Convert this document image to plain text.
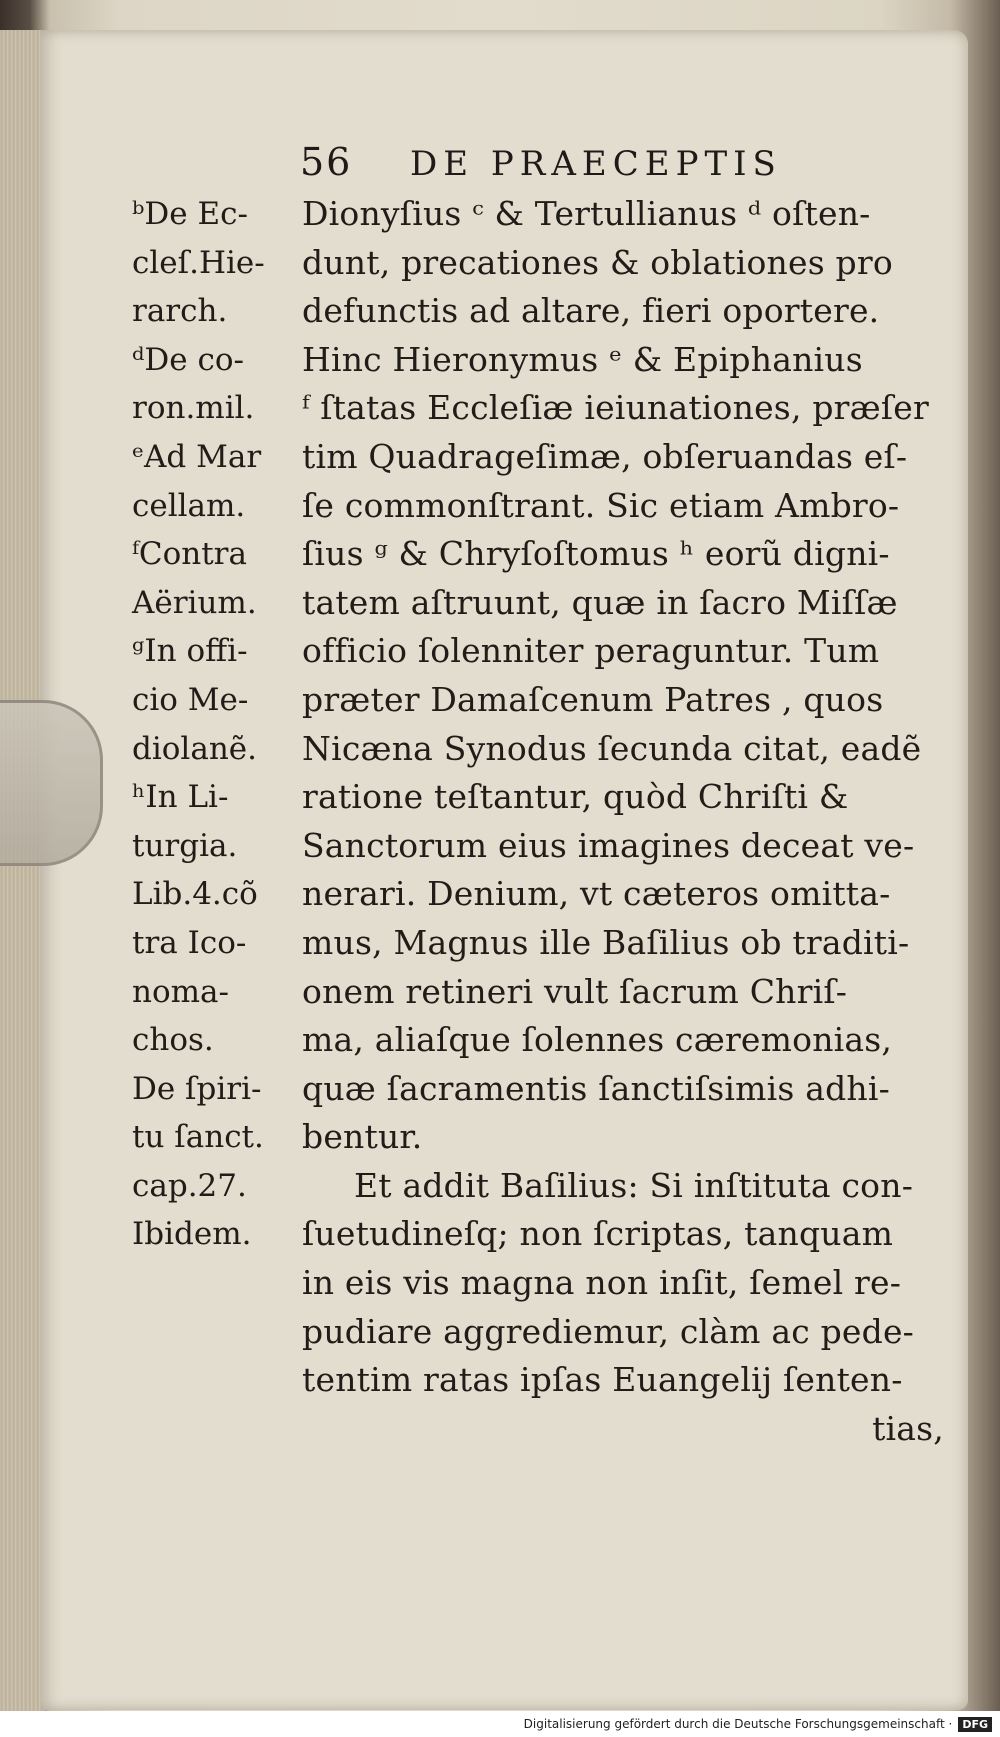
56	DE PRAECEPTIS
ᵇDe Ec-
cleſ.Hie-
rarch.
ᵈDe co-
ron.mil.
ᵉAd Mar
cellam.
ᶠContra
Aërium.
ᵍIn offi-
cio Me-
diolanẽ.
ʰIn Li-
turgia.
Lib.4.cõ
tra Ico-
noma-
chos.
De ſpiri-
tu ſanct.
cap.27.
Ibidem.
Dionyſius ᶜ & Tertullianus ᵈ oſten-
dunt, precationes & oblationes pro
defunctis ad altare, fieri oportere.
Hinc Hieronymus ᵉ & Epiphanius
ᶠ ſtatas Eccleſiæ ieiunationes, præſer
tim Quadrageſimæ, obſeruandas eſ-
ſe commonſtrant. Sic etiam Ambro-
ſius ᵍ & Chryſoſtomus ʰ eorũ digni-
tatem aſtruunt, quæ in ſacro Miſſæ
officio ſolenniter peraguntur. Tum
præter Damaſcenum Patres , quos
Nicæna Synodus ſecunda citat, eadẽ
ratione teſtantur, quòd Chriſti &
Sanctorum eius imagines deceat ve-
nerari. Denium, vt cæteros omitta-
mus, Magnus ille Baſilius ob traditi-
onem retineri vult ſacrum Chriſ-
ma, aliaſque ſolennes cæremonias,
quæ ſacramentis ſanctiſsimis adhi-
bentur.
Et addit Baſilius: Si inſtituta con-
ſuetudineſq; non ſcriptas, tanquam
in eis vis magna non inſit, ſemel re-
pudiare aggrediemur, clàm ac pede-
tentim ratas ipſas Euangelij ſenten-
tias,
Digitalisierung gefördert durch die Deutsche Forschungsgemeinschaft · DFG
